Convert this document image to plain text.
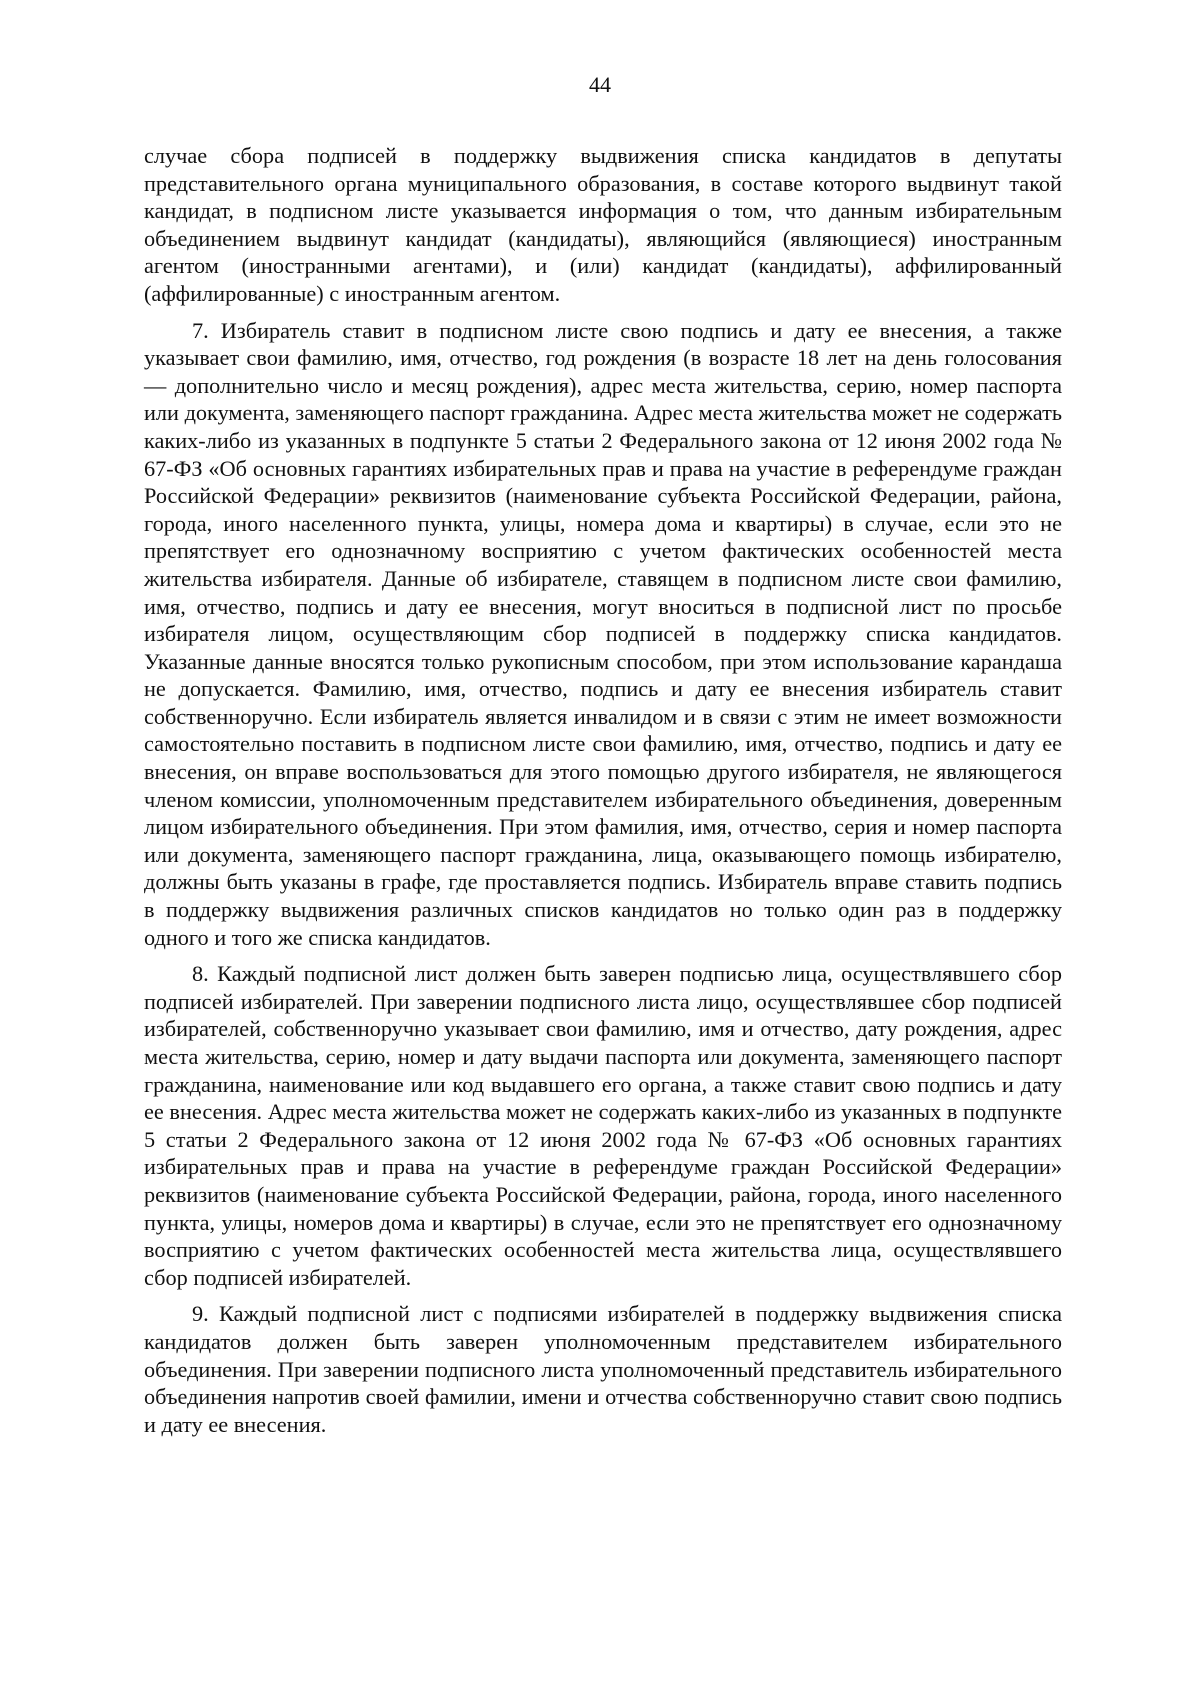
44

случае сбора подписей в поддержку выдвижения списка кандидатов в депутаты представительного органа муниципального образования, в составе которого выдвинут такой кандидат, в подписном листе указывается информация о том, что данным избирательным объединением выдвинут кандидат (кандидаты), являющийся (являющиеся) иностранным агентом (иностранными агентами), и (или) кандидат (кандидаты), аффилированный (аффилированные) с иностранным агентом.

7. Избиратель ставит в подписном листе свою подпись и дату ее внесения, а также указывает свои фамилию, имя, отчество, год рождения (в возрасте 18 лет на день голосования — дополнительно число и месяц рождения), адрес места жительства, серию, номер паспорта или документа, заменяющего паспорт гражданина. Адрес места жительства может не содержать каких-либо из указанных в подпункте 5 статьи 2 Федерального закона от 12 июня 2002 года № 67-ФЗ «Об основных гарантиях избирательных прав и права на участие в референдуме граждан Российской Федерации» реквизитов (наименование субъекта Российской Федерации, района, города, иного населенного пункта, улицы, номера дома и квартиры) в случае, если это не препятствует его однозначному восприятию с учетом фактических особенностей места жительства избирателя. Данные об избирателе, ставящем в подписном листе свои фамилию, имя, отчество, подпись и дату ее внесения, могут вноситься в подписной лист по просьбе избирателя лицом, осуществляющим сбор подписей в поддержку списка кандидатов. Указанные данные вносятся только рукописным способом, при этом использование карандаша не допускается. Фамилию, имя, отчество, подпись и дату ее внесения избиратель ставит собственноручно. Если избиратель является инвалидом и в связи с этим не имеет возможности самостоятельно поставить в подписном листе свои фамилию, имя, отчество, подпись и дату ее внесения, он вправе воспользоваться для этого помощью другого избирателя, не являющегося членом комиссии, уполномоченным представителем избирательного объединения, доверенным лицом избирательного объединения. При этом фамилия, имя, отчество, серия и номер паспорта или документа, заменяющего паспорт гражданина, лица, оказывающего помощь избирателю, должны быть указаны в графе, где проставляется подпись. Избиратель вправе ставить подпись в поддержку выдвижения различных списков кандидатов но только один раз в поддержку одного и того же списка кандидатов.

8. Каждый подписной лист должен быть заверен подписью лица, осуществлявшего сбор подписей избирателей. При заверении подписного листа лицо, осуществлявшее сбор подписей избирателей, собственноручно указывает свои фамилию, имя и отчество, дату рождения, адрес места жительства, серию, номер и дату выдачи паспорта или документа, заменяющего паспорт гражданина, наименование или код выдавшего его органа, а также ставит свою подпись и дату ее внесения. Адрес места жительства может не содержать каких-либо из указанных в подпункте 5 статьи 2 Федерального закона от 12 июня 2002 года № 67-ФЗ «Об основных гарантиях избирательных прав и права на участие в референдуме граждан Российской Федерации» реквизитов (наименование субъекта Российской Федерации, района, города, иного населенного пункта, улицы, номеров дома и квартиры) в случае, если это не препятствует его однозначному восприятию с учетом фактических особенностей места жительства лица, осуществлявшего сбор подписей избирателей.

9. Каждый подписной лист с подписями избирателей в поддержку выдвижения списка кандидатов должен быть заверен уполномоченным представителем избирательного объединения. При заверении подписного листа уполномоченный представитель избирательного объединения напротив своей фамилии, имени и отчества собственноручно ставит свою подпись и дату ее внесения.
